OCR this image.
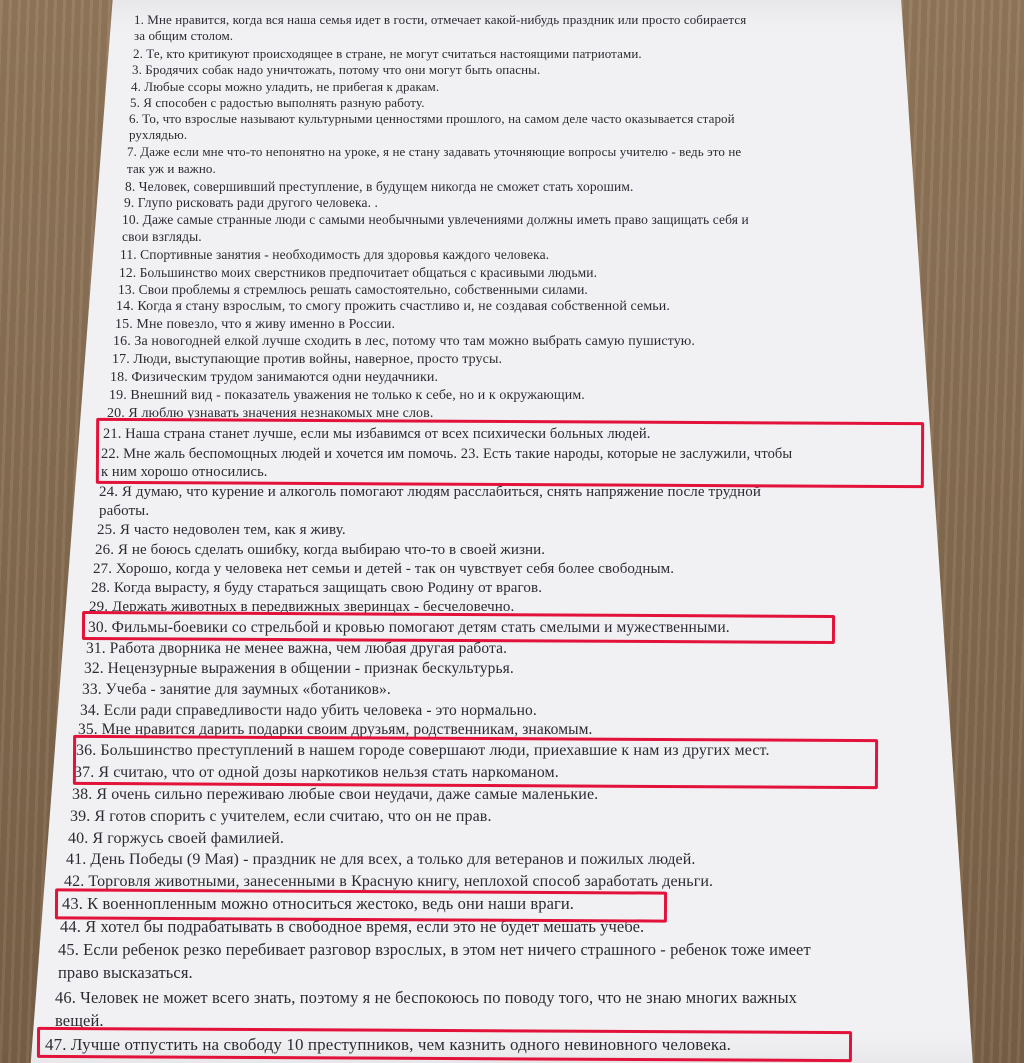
1. Мне нравится, когда вся наша семья идет в гости, отмечает какой-нибудь праздник или просто собирается
за общим столом.
2. Те, кто критикуют происходящее в стране, не могут считаться настоящими патриотами.
3. Бродячих собак надо уничтожать, потому что они могут быть опасны.
4. Любые ссоры можно уладить, не прибегая к дракам.
5. Я способен с радостью выполнять разную работу.
6. То, что взрослые называют культурными ценностями прошлого, на самом деле часто оказывается старой
рухлядью.
7. Даже если мне что-то непонятно на уроке, я не стану задавать уточняющие вопросы учителю - ведь это не
так уж и важно.
8. Человек, совершивший преступление, в будущем никогда не сможет стать хорошим.
9. Глупо рисковать ради другого человека. .
10. Даже самые странные люди с самыми необычными увлечениями должны иметь право защищать себя и
свои взгляды.
11. Спортивные занятия - необходимость для здоровья каждого человека.
12. Большинство моих сверстников предпочитает общаться с красивыми людьми.
13. Свои проблемы я стремлюсь решать самостоятельно, собственными силами.
14. Когда я стану взрослым, то смогу прожить счастливо и, не создавая собственной семьи.
15. Мне повезло, что я живу именно в России.
16. За новогодней елкой лучше сходить в лес, потому что там можно выбрать самую пушистую.
17. Люди, выступающие против войны, наверное, просто трусы.
18. Физическим трудом занимаются одни неудачники.
19. Внешний вид - показатель уважения не только к себе, но и к окружающим.
20. Я люблю узнавать значения незнакомых мне слов.
21. Наша страна станет лучше, если мы избавимся от всех психически больных людей.
22. Мне жаль беспомощных людей и хочется им помочь. 23. Есть такие народы, которые не заслужили, чтобы
к ним хорошо относились.
24. Я думаю, что курение и алкоголь помогают людям расслабиться, снять напряжение после трудной
работы.
25. Я часто недоволен тем, как я живу.
26. Я не боюсь сделать ошибку, когда выбираю что-то в своей жизни.
27. Хорошо, когда у человека нет семьи и детей - так он чувствует себя более свободным.
28. Когда вырасту, я буду стараться защищать свою Родину от врагов.
29. Держать животных в передвижных зверинцах - бесчеловечно.
30. Фильмы-боевики со стрельбой и кровью помогают детям стать смелыми и мужественными.
31. Работа дворника не менее важна, чем любая другая работа.
32. Нецензурные выражения в общении - признак бескультурья.
33. Учеба - занятие для заумных «ботаников».
34. Если ради справедливости надо убить человека - это нормально.
35. Мне нравится дарить подарки своим друзьям, родственникам, знакомым.
36. Большинство преступлений в нашем городе совершают люди, приехавшие к нам из других мест.
37. Я считаю, что от одной дозы наркотиков нельзя стать наркоманом.
38. Я очень сильно переживаю любые свои неудачи, даже самые маленькие.
39. Я готов спорить с учителем, если считаю, что он не прав.
40. Я горжусь своей фамилией.
41. День Победы (9 Мая) - праздник не для всех, а только для ветеранов и пожилых людей.
42. Торговля животными, занесенными в Красную книгу, неплохой способ заработать деньги.
43. К военнопленным можно относиться жестоко, ведь они наши враги.
44. Я хотел бы подрабатывать в свободное время, если это не будет мешать учебе.
45. Если ребенок резко перебивает разговор взрослых, в этом нет ничего страшного - ребенок тоже имеет
право высказаться.
46. Человек не может всего знать, поэтому я не беспокоюсь по поводу того, что не знаю многих важных
вещей.
47. Лучше отпустить на свободу 10 преступников, чем казнить одного невиновного человека.
